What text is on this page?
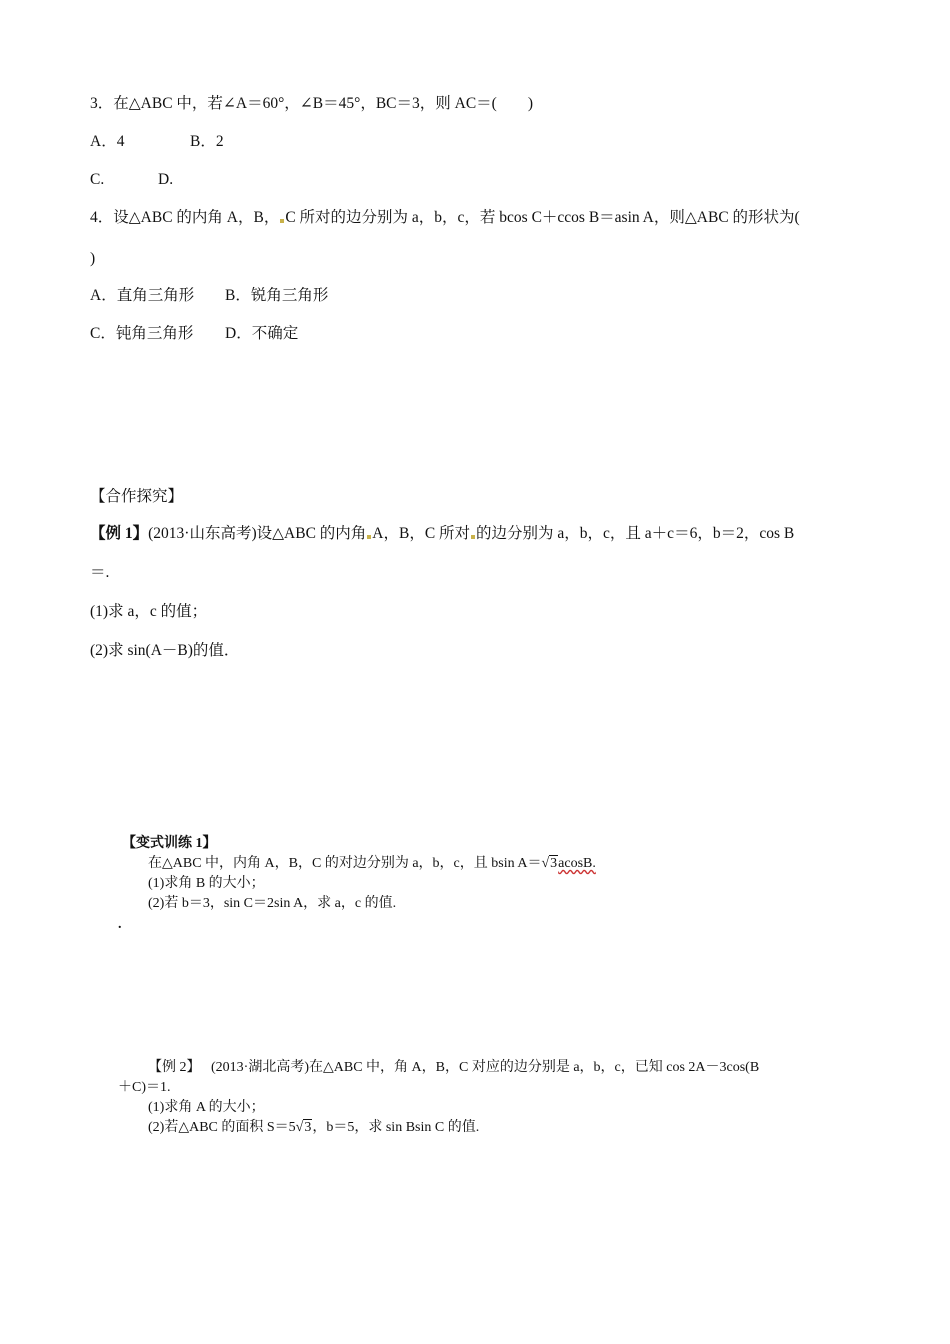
3．在△ABC 中，若∠A＝60°，∠B＝45°，BC＝3，则 AC＝(　　)
A．4	B．2
C.	D.
4．设△ABC 的内角 A，B， C 所对的边分别为 a，b，c，若 bcos C＋ccos B＝asin A，则△ABC 的形状为(
)
A．直角三角形 B．锐角三角形
C．钝角三角形 D．不确定
【合作探究】
【例 1】(2013·山东高考)设△ABC 的内角 A，B，C 所对 的边分别为 a，b，c，且 a＋c＝6，b＝2，cos B
＝.
(1)求 a，c 的值；
(2)求 sin(A－B)的值．
【变式训练 1】
在△ABC 中，内角 A，B，C 的对边分别为 a，b，c，且 bsin A＝√3acosB.
(1)求角 B 的大小；
(2)若 b＝3，sin C＝2sin A，求 a，c 的值.
.
【例 2】 (2013·湖北高考)在△ABC 中，角 A，B，C 对应的边分别是 a，b，c，已知 cos 2A－3cos(B
＋C)＝1.
(1)求角 A 的大小；
(2)若△ABC 的面积 S＝5√3，b＝5，求 sin Bsin C 的值.
